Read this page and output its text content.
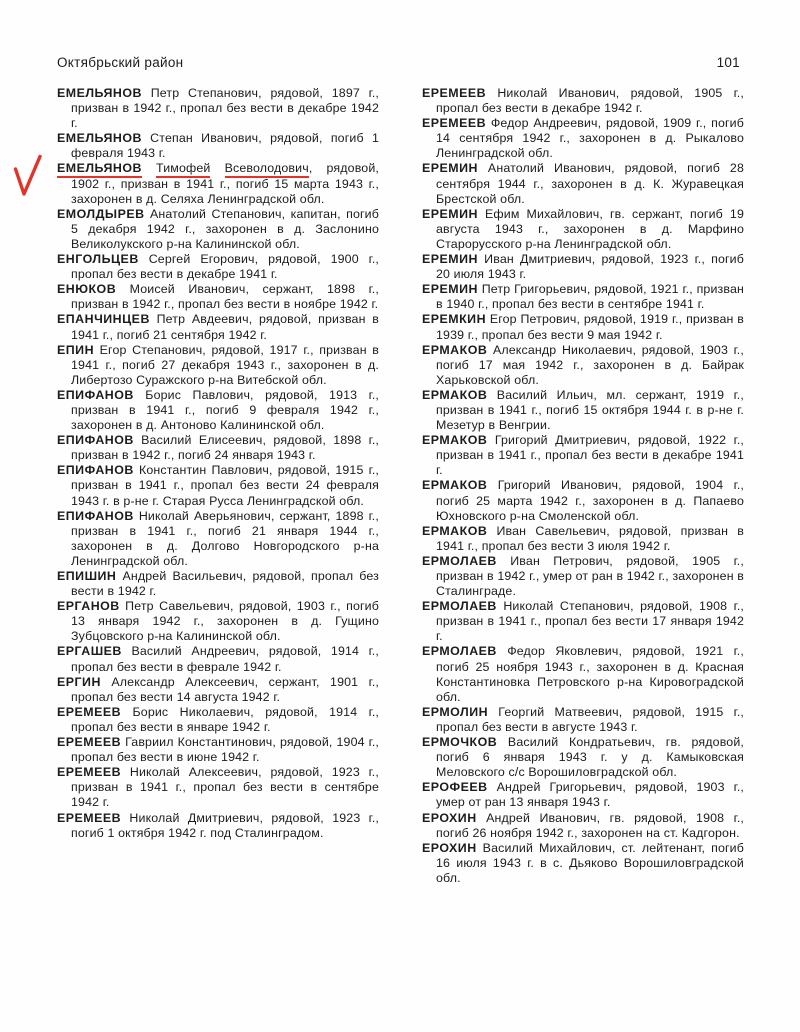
Октябрьский район	101

ЕМЕЛЬЯНОВ Петр Степанович, рядовой, 1897 г., призван в 1942 г., пропал без вести в декабре 1942 г.

ЕМЕЛЬЯНОВ Степан Иванович, рядовой, погиб 1 февраля 1943 г.

ЕМЕЛЬЯНОВ Тимофей Всеволодович, рядовой, 1902 г., призван в 1941 г., погиб 15 марта 1943 г., захоронен в д. Селяха Ленинградской обл.

ЕМОЛДЫРЕВ Анатолий Степанович, капитан, погиб 5 декабря 1942 г., захоронен в д. Заслонино Великолукского р-на Калининской обл.

ЕНГОЛЬЦЕВ Сергей Егорович, рядовой, 1900 г., пропал без вести в декабре 1941 г.

ЕНЮКОВ Моисей Иванович, сержант, 1898 г., призван в 1942 г., пропал без вести в ноябре 1942 г.

ЕПАНЧИНЦЕВ Петр Авдеевич, рядовой, призван в 1941 г., погиб 21 сентября 1942 г.

ЕПИН Егор Степанович, рядовой, 1917 г., призван в 1941 г., погиб 27 декабря 1943 г., захоронен в д. Либертозо Суражского р-на Витебской обл.

ЕПИФАНОВ Борис Павлович, рядовой, 1913 г., призван в 1941 г., погиб 9 февраля 1942 г., захоронен в д. Антоново Калининской обл.

ЕПИФАНОВ Василий Елисеевич, рядовой, 1898 г., призван в 1942 г., погиб 24 января 1943 г.

ЕПИФАНОВ Константин Павлович, рядовой, 1915 г., призван в 1941 г., пропал без вести 24 февраля 1943 г. в р-не г. Старая Русса Ленинградской обл.

ЕПИФАНОВ Николай Аверьянович, сержант, 1898 г., призван в 1941 г., погиб 21 января 1944 г., захоронен в д. Долгово Новгородского р-на Ленинградской обл.

ЕПИШИН Андрей Васильевич, рядовой, пропал без вести в 1942 г.

ЕРГАНОВ Петр Савельевич, рядовой, 1903 г., погиб 13 января 1942 г., захоронен в д. Гущино Зубцовского р-на Калининской обл.

ЕРГАШЕВ Василий Андреевич, рядовой, 1914 г., пропал без вести в феврале 1942 г.

ЕРГИН Александр Алексеевич, сержант, 1901 г., пропал без вести 14 августа 1942 г.

ЕРЕМЕЕВ Борис Николаевич, рядовой, 1914 г., пропал без вести в январе 1942 г.

ЕРЕМЕЕВ Гавриил Константинович, рядовой, 1904 г., пропал без вести в июне 1942 г.

ЕРЕМЕЕВ Николай Алексеевич, рядовой, 1923 г., призван в 1941 г., пропал без вести в сентябре 1942 г.

ЕРЕМЕЕВ Николай Дмитриевич, рядовой, 1923 г., погиб 1 октября 1942 г. под Сталинградом.

ЕРЕМЕЕВ Николай Иванович, рядовой, 1905 г., пропал без вести в декабре 1942 г.

ЕРЕМЕЕВ Федор Андреевич, рядовой, 1909 г., погиб 14 сентября 1942 г., захоронен в д. Рыкалово Ленинградской обл.

ЕРЕМИН Анатолий Иванович, рядовой, погиб 28 сентября 1944 г., захоронен в д. К. Журавецкая Брестской обл.

ЕРЕМИН Ефим Михайлович, гв. сержант, погиб 19 августа 1943 г., захоронен в д. Марфино Старорусского р-на Ленинградской обл.

ЕРЕМИН Иван Дмитриевич, рядовой, 1923 г., погиб 20 июля 1943 г.

ЕРЕМИН Петр Григорьевич, рядовой, 1921 г., призван в 1940 г., пропал без вести в сентябре 1941 г.

ЕРЕМКИН Егор Петрович, рядовой, 1919 г., призван в 1939 г., пропал без вести 9 мая 1942 г.

ЕРМАКОВ Александр Николаевич, рядовой, 1903 г., погиб 17 мая 1942 г., захоронен в д. Байрак Харьковской обл.

ЕРМАКОВ Василий Ильич, мл. сержант, 1919 г., призван в 1941 г., погиб 15 октября 1944 г. в р-не г. Мезетур в Венгрии.

ЕРМАКОВ Григорий Дмитриевич, рядовой, 1922 г., призван в 1941 г., пропал без вести в декабре 1941 г.

ЕРМАКОВ Григорий Иванович, рядовой, 1904 г., погиб 25 марта 1942 г., захоронен в д. Папаево Юхновского р-на Смоленской обл.

ЕРМАКОВ Иван Савельевич, рядовой, призван в 1941 г., пропал без вести 3 июля 1942 г.

ЕРМОЛАЕВ Иван Петрович, рядовой, 1905 г., призван в 1942 г., умер от ран в 1942 г., захоронен в Сталинграде.

ЕРМОЛАЕВ Николай Степанович, рядовой, 1908 г., призван в 1941 г., пропал без вести 17 января 1942 г.

ЕРМОЛАЕВ Федор Яковлевич, рядовой, 1921 г., погиб 25 ноября 1943 г., захоронен в д. Красная Константиновка Петровского р-на Кировоградской обл.

ЕРМОЛИН Георгий Матвеевич, рядовой, 1915 г., пропал без вести в августе 1943 г.

ЕРМОЧКОВ Василий Кондратьевич, гв. рядовой, погиб 6 января 1943 г. у д. Камыковская Меловского с/с Ворошиловградской обл.

ЕРОФЕЕВ Андрей Григорьевич, рядовой, 1903 г., умер от ран 13 января 1943 г.

ЕРОХИН Андрей Иванович, гв. рядовой, 1908 г., погиб 26 ноября 1942 г., захоронен на ст. Кадгорон.

ЕРОХИН Василий Михайлович, ст. лейтенант, погиб 16 июля 1943 г. в с. Дьяково Ворошиловградской обл.
